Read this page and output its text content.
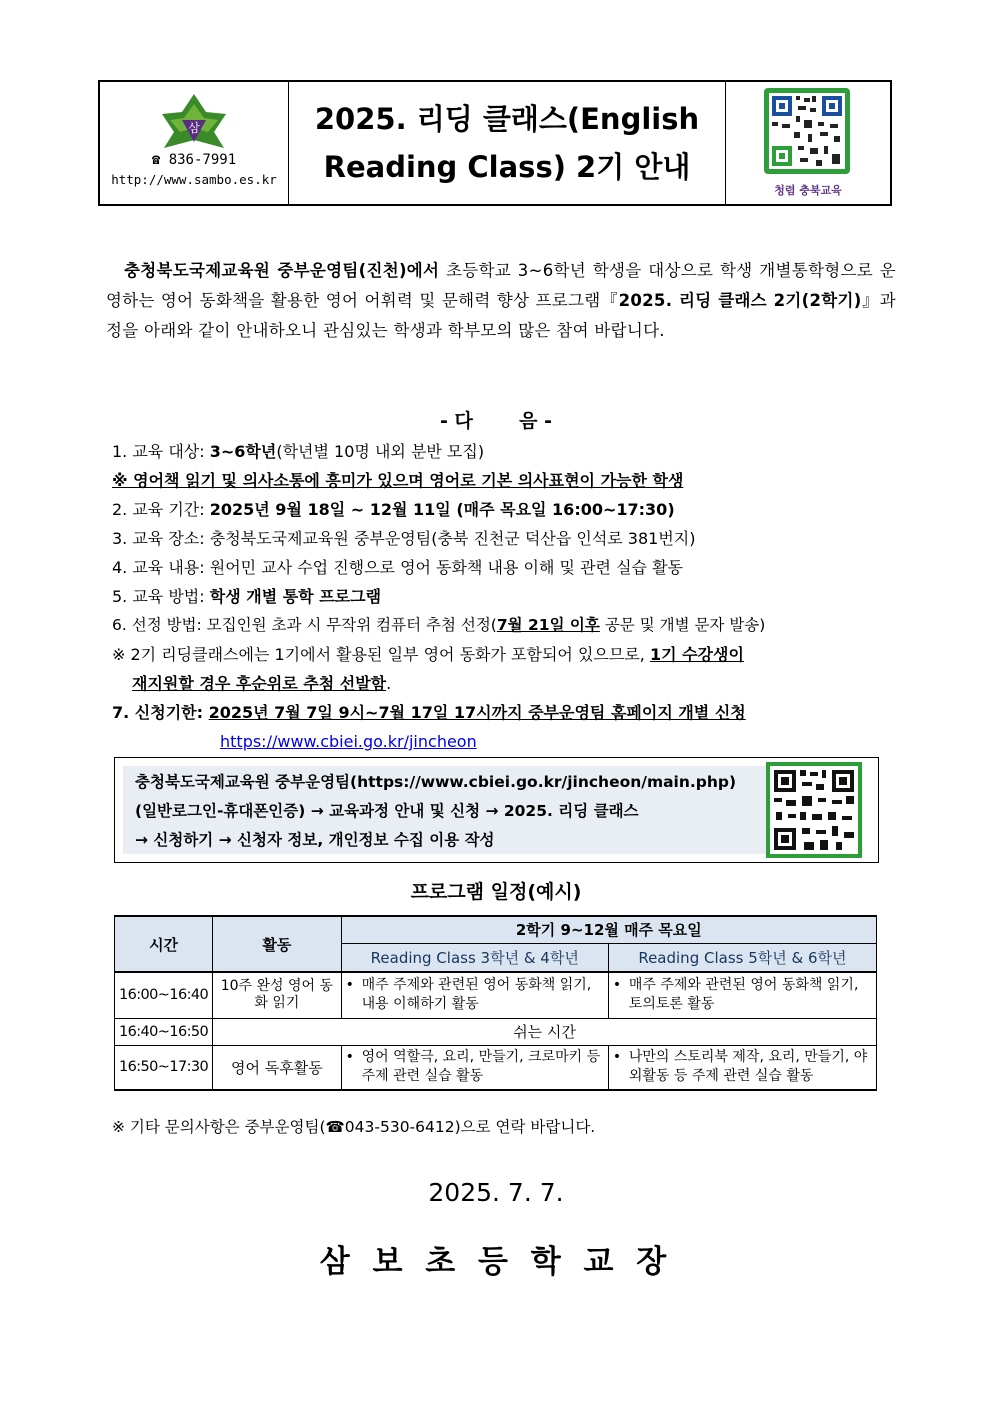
삼
☎ 836-7991
http://www.sambo.es.kr
2025. 리딩 클래스(English
Reading Class) 2기 안내
청렴 충북교육
충청북도국제교육원 중부운영팀(진천)에서 초등학교 3~6학년 학생을 대상으로 학생 개별통학형으로 운영하는 영어 동화책을 활용한 영어 어휘력 및 문해력 향상 프로그램『2025. 리딩 클래스 2기(2학기)』과정을 아래와 같이 안내하오니 관심있는 학생과 학부모의 많은 참여 바랍니다.
- 다       음 -
1. 교육 대상: 3~6학년(학년별 10명 내외 분반 모집)
※ 영어책 읽기 및 의사소통에 흥미가 있으며 영어로 기본 의사표현이 가능한 학생
2. 교육 기간: 2025년 9월 18일 ~ 12월 11일 (매주 목요일 16:00~17:30)
3. 교육 장소: 충청북도국제교육원 중부운영팀(충북 진천군 덕산읍 인석로 381번지)
4. 교육 내용: 원어민 교사 수업 진행으로 영어 동화책 내용 이해 및 관련 실습 활동
5. 교육 방법: 학생 개별 통학 프로그램
6. 선정 방법: 모집인원 초과 시 무작위 컴퓨터 추첨 선정(7월 21일 이후 공문 및 개별 문자 발송)
※ 2기 리딩클래스에는 1기에서 활용된 일부 영어 동화가 포함되어 있으므로, 1기 수강생이
재지원할 경우 후순위로 추첨 선발함.
7. 신청기한: 2025년 7월 7일 9시~7월 17일 17시까지 중부운영팀 홈페이지 개별 신청
https://www.cbiei.go.kr/jincheon
충청북도국제교육원 중부운영팀(https://www.cbiei.go.kr/jincheon/main.php)
(일반로그인-휴대폰인증) → 교육과정 안내 및 신청 → 2025. 리딩 클래스
→ 신청하기 → 신청자 정보, 개인정보 수집 이용 작성
프로그램 일정(예시)
시간	활동	2학기 9~12월 매주 목요일	
		Reading Class 3학년 & 4학년	Reading Class 5학년 & 6학년
16:00~16:40	10주 완성 영어 동화 읽기	• 매주 주제와 관련된 영어 동화책 읽기, 내용 이해하기 활동	• 매주 주제와 관련된 영어 동화책 읽기, 토의토론 활동

16:40~16:50	쉬는 시간		
16:50~17:30	영어 독후활동	• 영어 역할극, 요리, 만들기, 크로마키 등 주제 관련 실습 활동	• 나만의 스토리북 제작, 요리, 만들기, 야외활동 등 주제 관련 실습 활동
※ 기타 문의사항은 중부운영팀(☎043-530-6412)으로 연락 바랍니다.
2025. 7. 7.
삼 보 초 등 학 교 장
